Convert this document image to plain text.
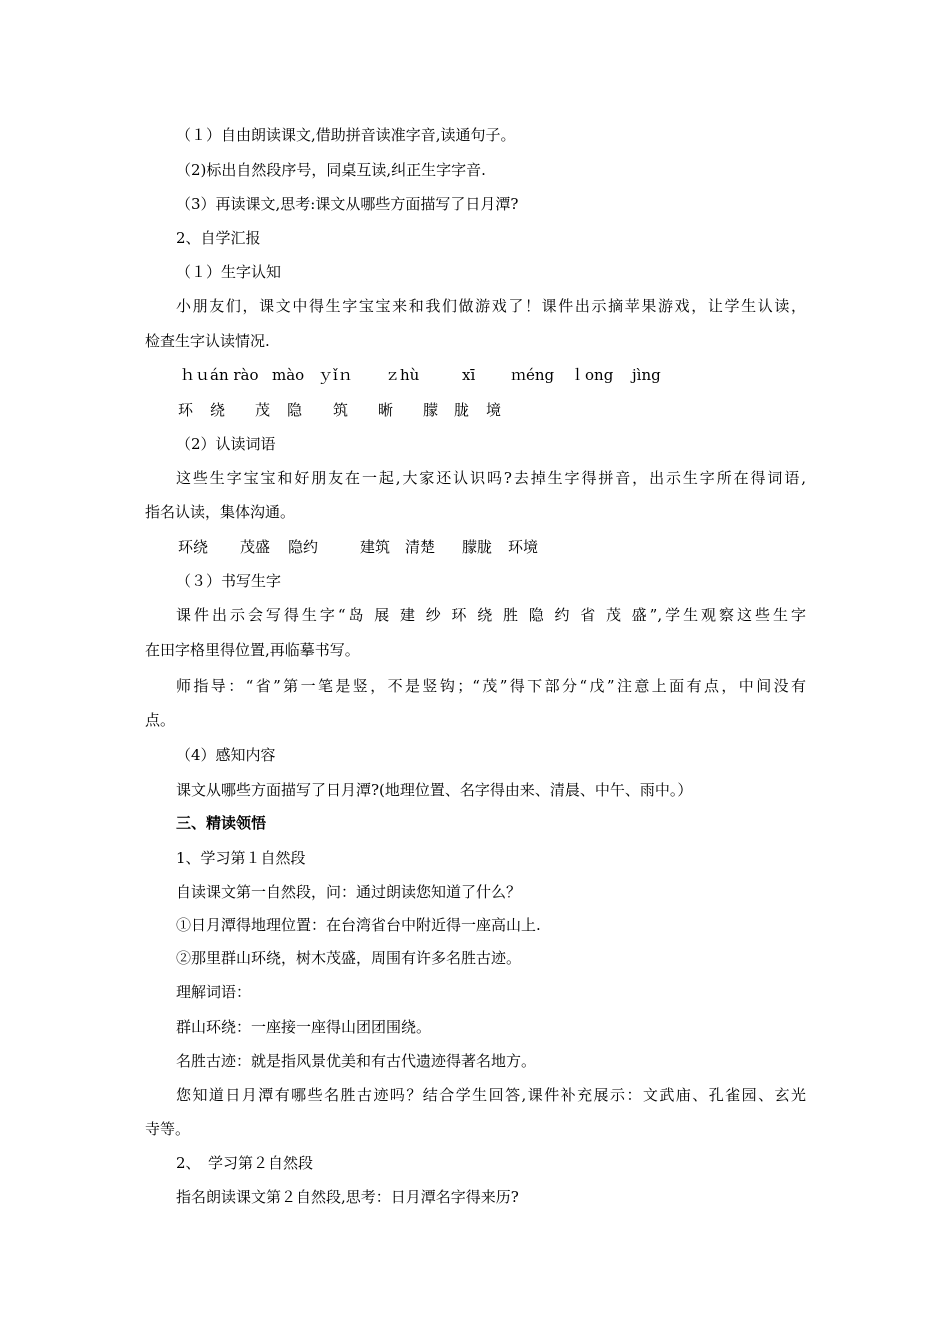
（１）自由朗读课文,借助拼音读准字音,读通句子。
（2)标出自然段序号，同桌互读,纠正生字字音.
（3）再读课文,思考:课文从哪些方面描写了日月潭?
2、自学汇报
（１）生字认知
小朋友们，课文中得生字宝宝来和我们做游戏了！课件出示摘苹果游戏，让学生认读，
检查生字认读情况.
ｈｕán rào mào ｙǐｎ ｚhù	xī ｍéng ｌong jìng
环 绕 茂 隐 筑 晰 朦 胧 境
（2）认读词语
这些生字宝宝和好朋友在一起,大家还认识吗?去掉生字得拼音，出示生字所在得词语,
指名认读，集体沟通。
环绕 茂盛 隐约	建筑 清楚 朦胧 环境
（３）书写生字
课件出示会写得生字“岛 展 建 纱 环 绕 胜 隐 约 省 茂 盛”,学生观察这些生字
在田字格里得位置,再临摹书写。
师指导：“省”第一笔是竖，不是竖钩；“茂”得下部分“戊”注意上面有点，中间没有
点。
（4）感知内容
课文从哪些方面描写了日月潭?(地理位置、名字得由来、清晨、中午、雨中。）
三、精读领悟
1、学习第１自然段
自读课文第一自然段，问：通过朗读您知道了什么？
①日月潭得地理位置：在台湾省台中附近得一座高山上.
②那里群山环绕，树木茂盛，周围有许多名胜古迹。
理解词语：
群山环绕：一座接一座得山团团围绕。
名胜古迹：就是指风景优美和有古代遗迹得著名地方。
您知道日月潭有哪些名胜古迹吗？结合学生回答,课件补充展示：文武庙、孔雀园、玄光
寺等。
2、　学习第２自然段
指名朗读课文第２自然段,思考：日月潭名字得来历?
